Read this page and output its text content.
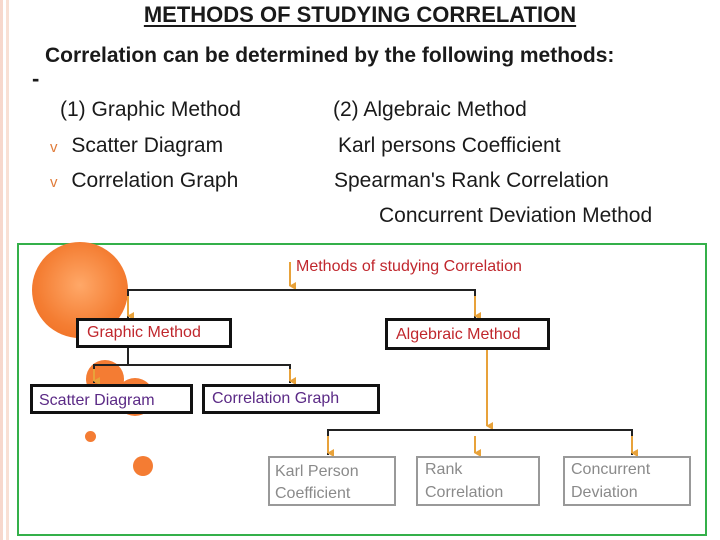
METHODS OF STUDYING CORRELATION
Correlation can be determined by the following methods:
-
(1) Graphic Method
v Scatter Diagram
v Correlation Graph
(2) Algebraic Method
Karl persons Coefficient
Spearman's Rank Correlation
Concurrent Deviation Method
Methods of studying Correlation
Graphic Method	Algebraic Method
Scatter Diagram	Correlation Graph
Karl Person
Coefficient
Rank
Correlation
Concurrent
Deviation
